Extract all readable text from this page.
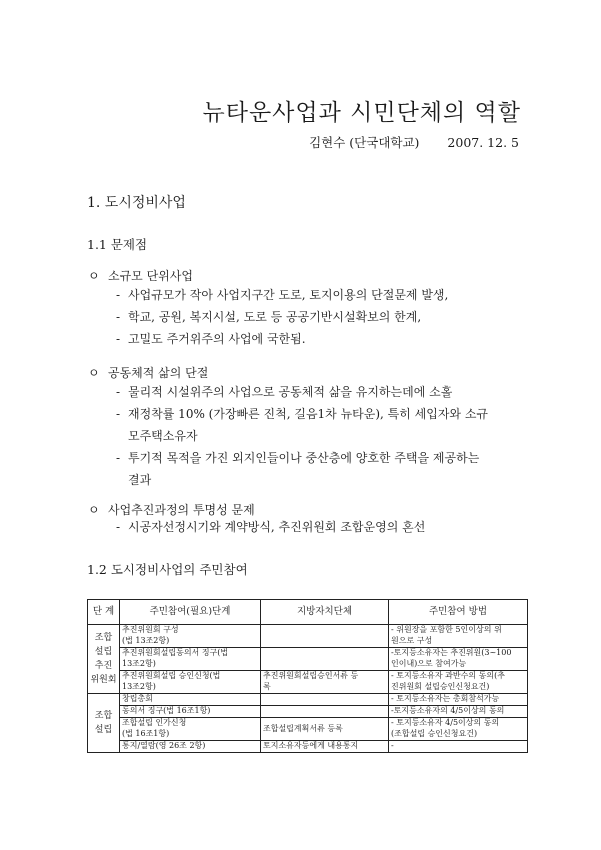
뉴타운사업과 시민단체의 역할
김현수 (단국대학교) 2007. 12. 5
1. 도시정비사업
1.1 문제점
ㅇ 소규모 단위사업
- 사업규모가 작아 사업지구간 도로, 토지이용의 단절문제 발생,
- 학교, 공원, 복지시설, 도로 등 공공기반시설확보의 한계,
- 고밀도 주거위주의 사업에 국한됨.
ㅇ 공동체적 삶의 단절
- 물리적 시설위주의 사업으로 공동체적 삶을 유지하는데에 소홀
- 재정착률 10% (가장빠른 진척, 길음1차 뉴타운), 특히 세입자와 소규
모주택소유자
- 투기적 목적을 가진 외지인들이나 중산층에 양호한 주택을 제공하는
결과
ㅇ 사업추진과정의 투명성 문제
- 시공자선정시기와 계약방식, 추진위원회 조합운영의 혼선
1.2 도시정비사업의 주민참여
단 계	주민참여(필요)단계	지방자치단체	주민참여 방법

조합
설립
추진
위원회	추진위원회 구성
(법 13조2항)		- 위원장을 포함한 5인이상의 위
원으로 구성

	추진위원회설립동의서 징구(법
13조2항)		-토지등소유자는 추진위원(3~100
인이내)으로 참여가능

	추진위원회설립 승인신청(법
13조2항)	추진위원회설립승인서류 등
록	- 토지등소유자 과반수의 동의(추
진위원회 설립승인신청요건)

조합
설립	창립총회		- 토지등소유자는 총회참석가능

	동의서 징구(법 16조1항)		-토지등소유자의 4/5이상의 동의

	조합설립 인가신청
(법 16조1항)	조합설립계획서류 등록	- 토지등소유자 4/5이상의 동의
(조합설립 승인신청요건)

	통지/열람(영 26조 2항)	토지소유자등에게 내용통지	-
